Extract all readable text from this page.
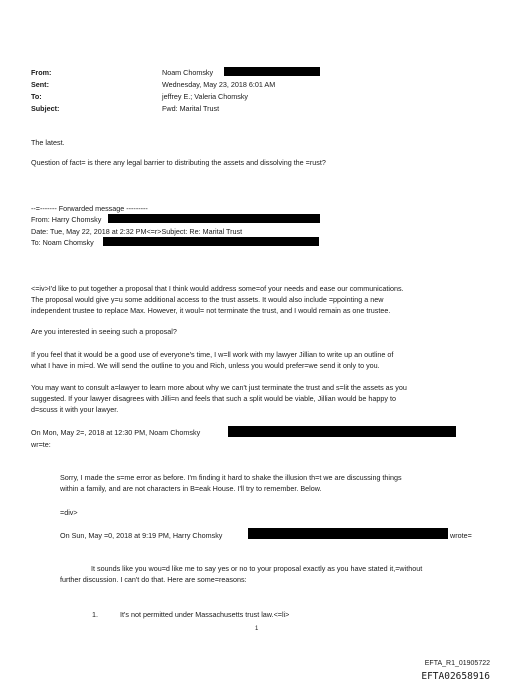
From:
Sent:
To:
Subject:
Noam Chomsky
Wednesday, May 23, 2018 6:01 AM
jeffrey E.; Valeria Chomsky
Fwd: Marital Trust
The latest.
Question of fact= is there any legal barrier to distributing the assets and dissolving the =rust?
--=------- Forwarded message ---------
From: Harry Chomsky
Date: Tue, May 22, 2018 at 2:32 PM<=r>Subject: Re: Marital Trust
To: Noam Chomsky
<=iv>I'd like to put together a proposal that I think would address some=of your needs and ease our communications.
The proposal would give y=u some additional access to the trust assets. It would also include =ppointing a new
independent trustee to replace Max. However, it woul= not terminate the trust, and I would remain as one trustee.
Are you interested in seeing such a proposal?
If you feel that it would be a good use of everyone's time, I w=ll work with my lawyer Jillian to write up an outline of
what I have in mi=d. We will send the outline to you and Rich, unless you would prefer=we send it only to you.
You may want to consult a=lawyer to learn more about why we can't just terminate the trust and s=lit the assets as you
suggested. If your lawyer disagrees with Jilli=n and feels that such a split would be viable, Jillian would be happy to
d=scuss it with your lawyer.
On Mon, May 2=, 2018 at 12:30 PM, Noam Chomsky
wr=te:
Sorry, I made the s=me error as before. I'm finding it hard to shake the illusion th=t we are discussing things
within a family, and are not characters in B=eak House. I'll try to remember. Below.
=div>
On Sun, May =0, 2018 at 9:19 PM, Harry Chomsky	wrote=
It sounds like you wou=d like me to say yes or no to your proposal exactly as you have stated it,=without
further discussion. I can't do that. Here are some=reasons:
1.	It's not permitted under Massachusetts trust law.<=li>
1
EFTA_R1_01905722
EFTA02658916
